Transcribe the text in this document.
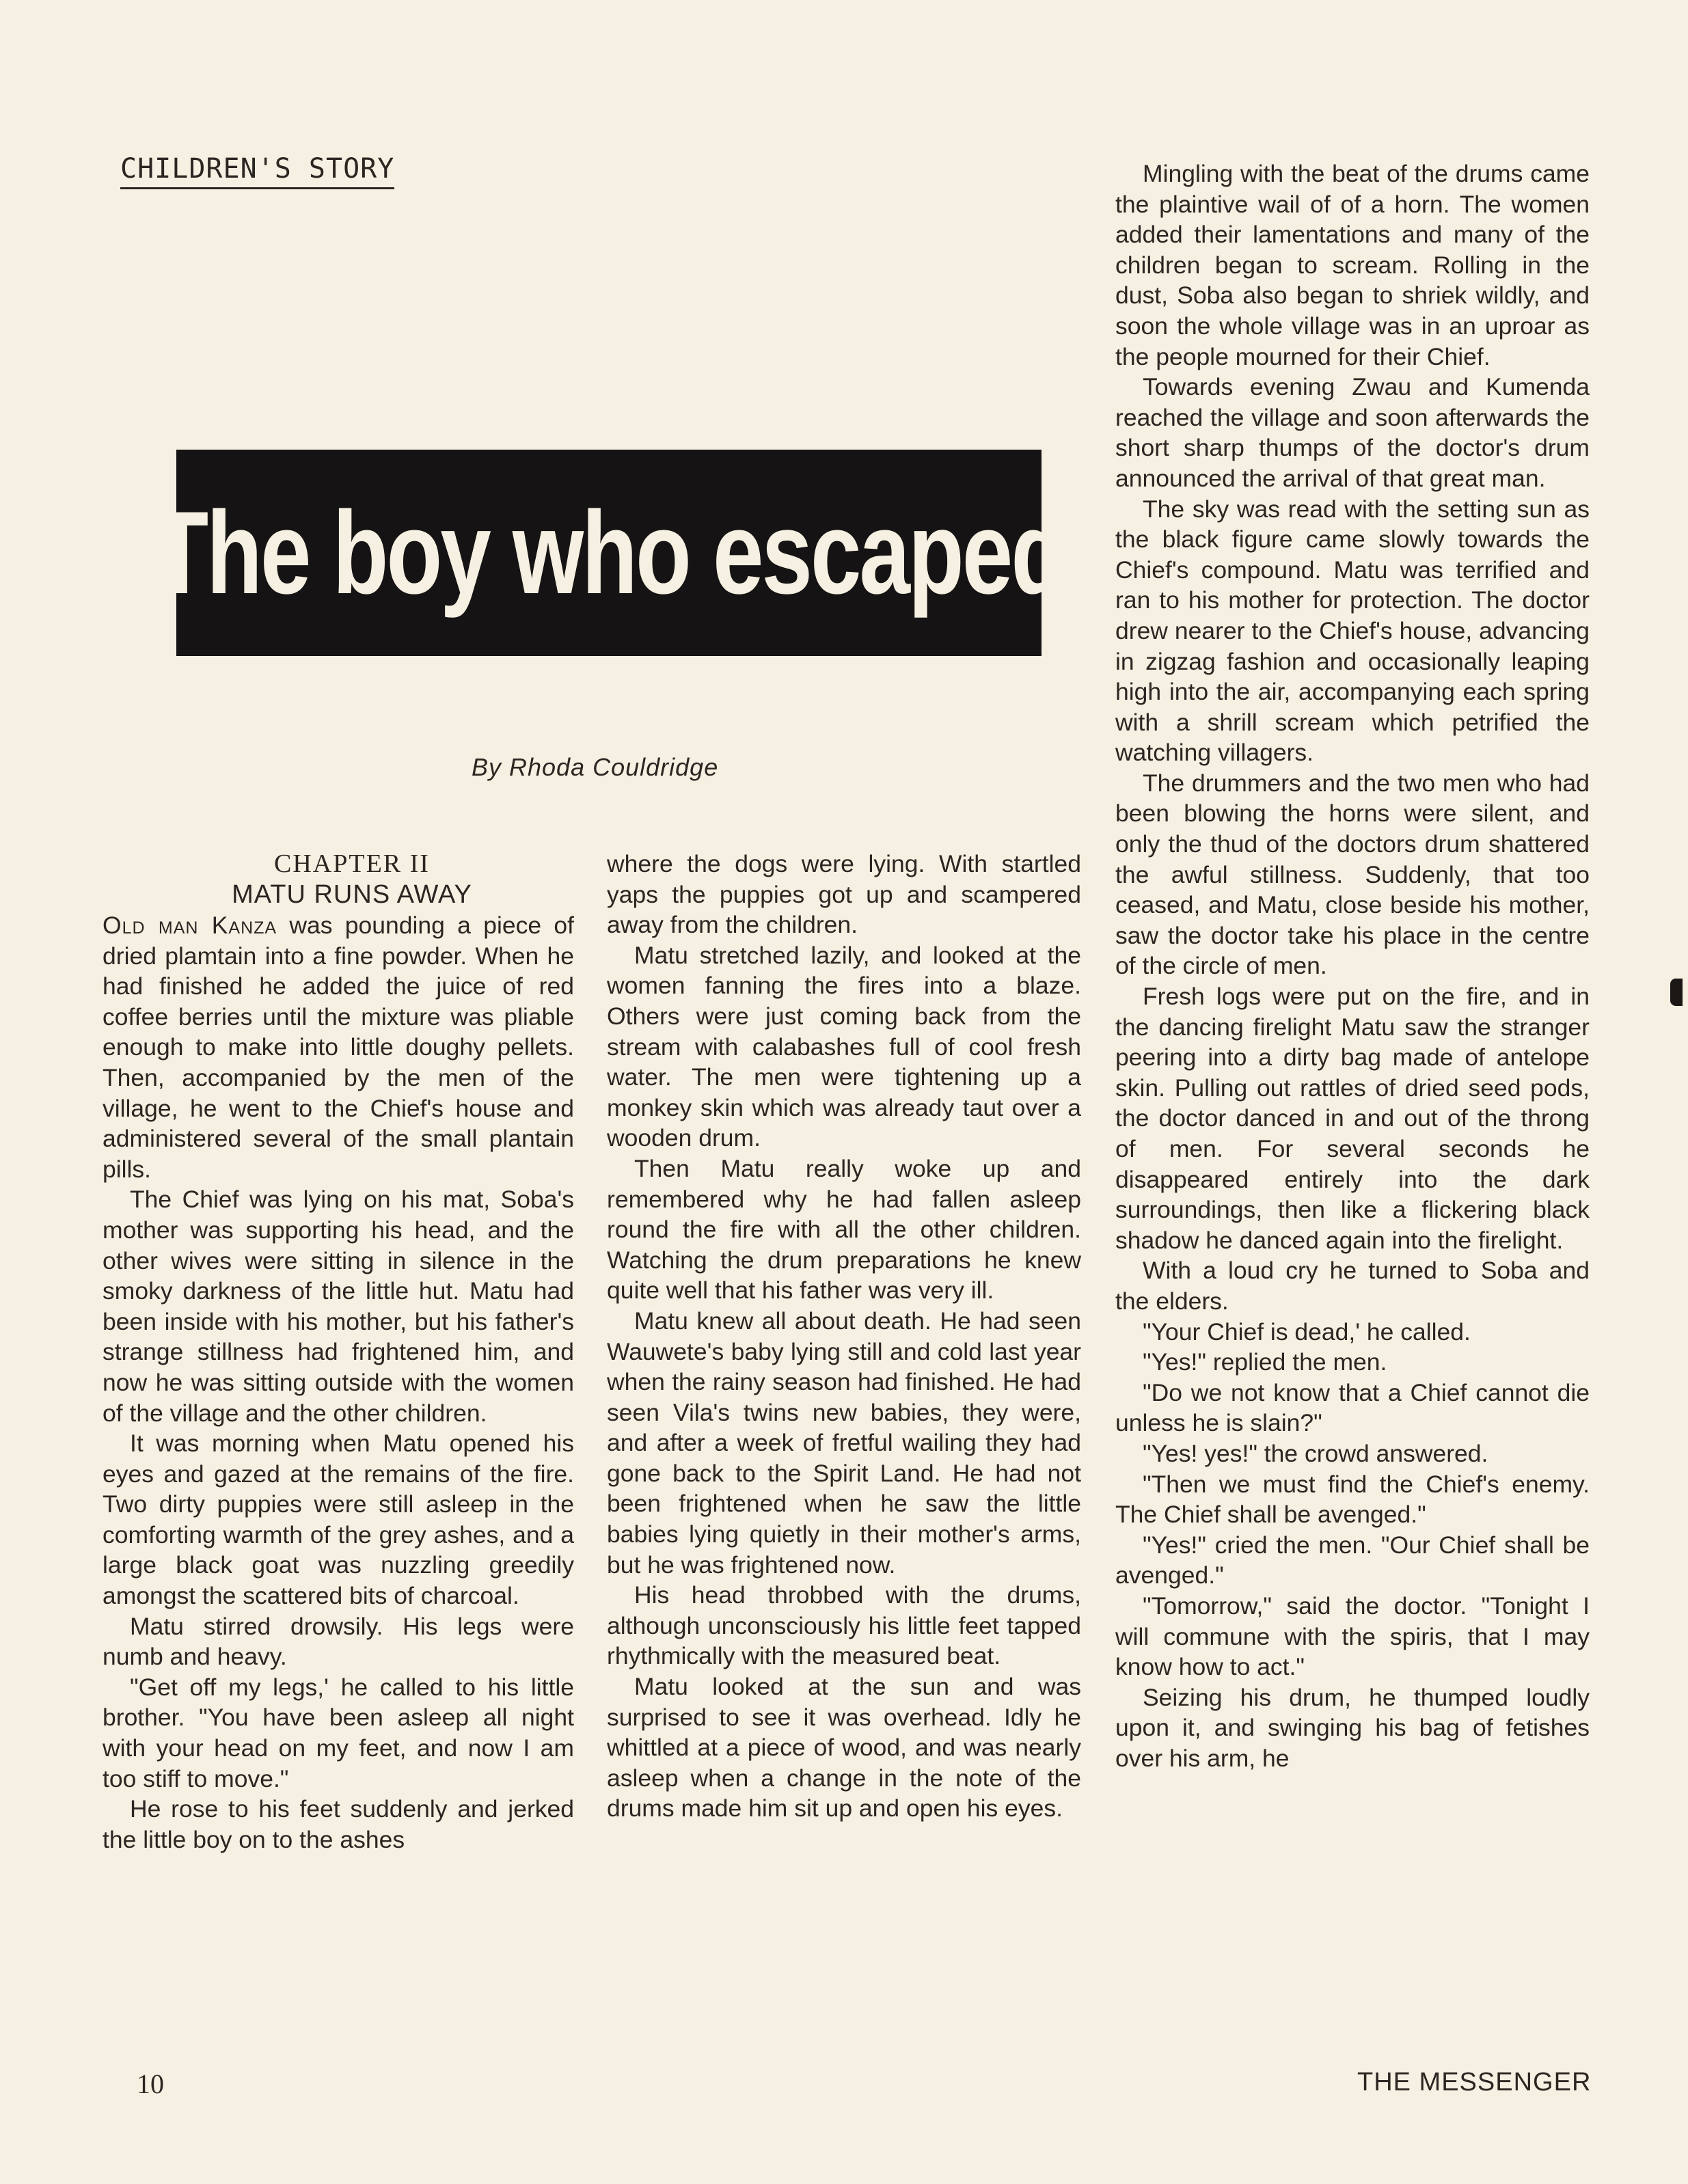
CHILDREN'S STORY
The boy who escaped
By Rhoda Couldridge

CHAPTER II

MATU RUNS AWAY

Old man Kanza was pounding a piece of dried plamtain into a fine powder. When he had finished he added the juice of red coffee berries until the mixture was pliable enough to make into little doughy pellets. Then, accompanied by the men of the village, he went to the Chief's house and administered several of the small plantain pills.

The Chief was lying on his mat, Soba's mother was supporting his head, and the other wives were sitting in silence in the smoky darkness of the little hut. Matu had been inside with his mother, but his father's strange stillness had frightened him, and now he was sitting outside with the women of the village and the other children.

It was morning when Matu opened his eyes and gazed at the remains of the fire. Two dirty puppies were still asleep in the comforting warmth of the grey ashes, and a large black goat was nuzzling greedily amongst the scattered bits of charcoal.

Matu stirred drowsily. His legs were numb and heavy.

"Get off my legs,' he called to his little brother. "You have been asleep all night with your head on my feet, and now I am too stiff to move."

He rose to his feet suddenly and jerked the little boy on to the ashes

where the dogs were lying. With startled yaps the puppies got up and scampered away from the children.

Matu stretched lazily, and looked at the women fanning the fires into a blaze. Others were just coming back from the stream with calabashes full of cool fresh water. The men were tightening up a monkey skin which was already taut over a wooden drum.

Then Matu really woke up and remembered why he had fallen asleep round the fire with all the other children. Watching the drum preparations he knew quite well that his father was very ill.

Matu knew all about death. He had seen Wauwete's baby lying still and cold last year when the rainy season had finished. He had seen Vila's twins new babies, they were, and after a week of fretful wailing they had gone back to the Spirit Land. He had not been frightened when he saw the little babies lying quietly in their mother's arms, but he was frightened now.

His head throbbed with the drums, although unconsciously his little feet tapped rhythmically with the measured beat.

Matu looked at the sun and was surprised to see it was overhead. Idly he whittled at a piece of wood, and was nearly asleep when a change in the note of the drums made him sit up and open his eyes.

Mingling with the beat of the drums came the plaintive wail of of a horn. The women added their lamentations and many of the children began to scream. Rolling in the dust, Soba also began to shriek wildly, and soon the whole village was in an uproar as the people mourned for their Chief.

Towards evening Zwau and Kumenda reached the village and soon afterwards the short sharp thumps of the doctor's drum announced the arrival of that great man.

The sky was read with the setting sun as the black figure came slowly towards the Chief's compound. Matu was terrified and ran to his mother for protection. The doctor drew nearer to the Chief's house, advancing in zigzag fashion and occasionally leaping high into the air, accompanying each spring with a shrill scream which petrified the watching villagers.

The drummers and the two men who had been blowing the horns were silent, and only the thud of the doctors drum shattered the awful stillness. Suddenly, that too ceased, and Matu, close beside his mother, saw the doctor take his place in the centre of the circle of men.

Fresh logs were put on the fire, and in the dancing firelight Matu saw the stranger peering into a dirty bag made of antelope skin. Pulling out rattles of dried seed pods, the doctor danced in and out of the throng of men. For several seconds he disappeared entirely into the dark surroundings, then like a flickering black shadow he danced again into the firelight.

With a loud cry he turned to Soba and the elders.

"Your Chief is dead,' he called.

"Yes!" replied the men.

"Do we not know that a Chief cannot die unless he is slain?"

"Yes! yes!" the crowd answered.

"Then we must find the Chief's enemy. The Chief shall be avenged."

"Yes!" cried the men. "Our Chief shall be avenged."

"Tomorrow," said the doctor. "Tonight I will commune with the spiris, that I may know how to act."

Seizing his drum, he thumped loudly upon it, and swinging his bag of fetishes over his arm, he

10	THE MESSENGER
